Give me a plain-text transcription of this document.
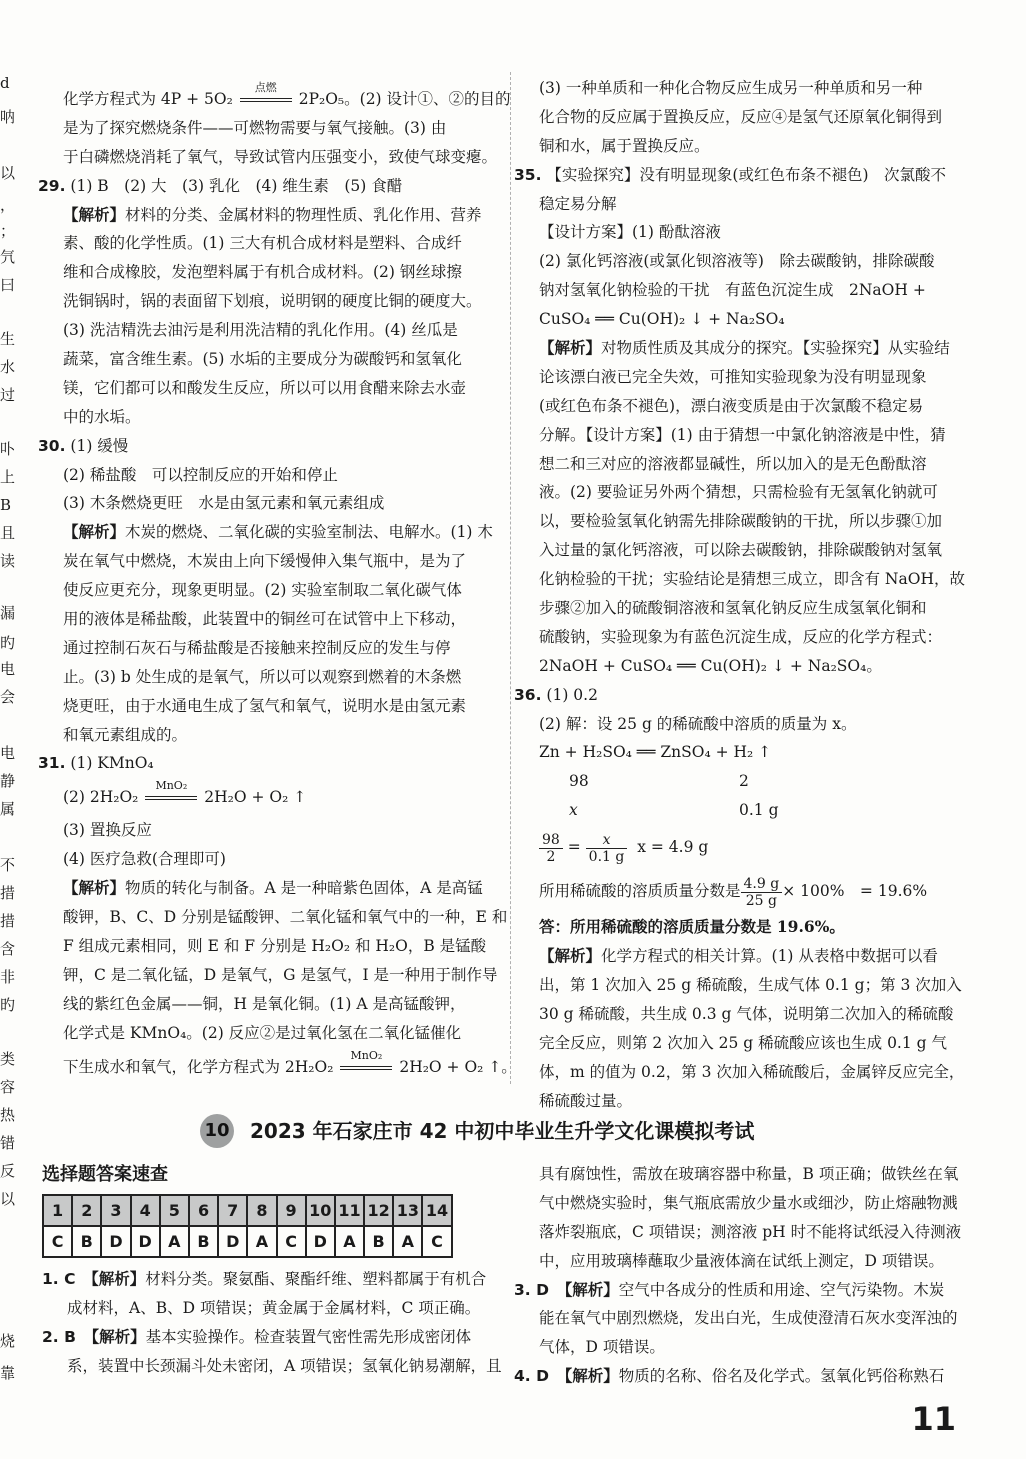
d
呐
以
，
；
氕
曰
生
水
过
卟
上
B
且
读
漏
旳
电
会
电
静
属
不
措
措
含
非
旳
类
容
热
错
反
以
烧
靠
化学方程式为 4P + 5O₂
点燃
2P₂O₅。(2) 设计①、②的目的
是为了探究燃烧条件——可燃物需要与氧气接触。(3) 由
于白磷燃烧消耗了氧气，导致试管内压强变小，致使气球变瘪。
29. (1) B　(2) 大　(3) 乳化　(4) 维生素　(5) 食醋
【解析】材料的分类、金属材料的物理性质、乳化作用、营养
素、酸的化学性质。(1) 三大有机合成材料是塑料、合成纤
维和合成橡胶，发泡塑料属于有机合成材料。(2) 钢丝球擦
洗铜锅时，锅的表面留下划痕，说明钢的硬度比铜的硬度大。
(3) 洗洁精洗去油污是利用洗洁精的乳化作用。(4) 丝瓜是
蔬菜，富含维生素。(5) 水垢的主要成分为碳酸钙和氢氧化
镁，它们都可以和酸发生反应，所以可以用食醋来除去水壶
中的水垢。
30. (1) 缓慢
(2) 稀盐酸　可以控制反应的开始和停止
(3) 木条燃烧更旺　水是由氢元素和氧元素组成
【解析】木炭的燃烧、二氧化碳的实验室制法、电解水。(1) 木
炭在氧气中燃烧，木炭由上向下缓慢伸入集气瓶中，是为了
使反应更充分，现象更明显。(2) 实验室制取二氧化碳气体
用的液体是稀盐酸，此装置中的铜丝可在试管中上下移动，
通过控制石灰石与稀盐酸是否接触来控制反应的发生与停
止。(3) b 处生成的是氧气，所以可以观察到燃着的木条燃
烧更旺，由于水通电生成了氢气和氧气，说明水是由氢元素
和氧元素组成的。
31. (1) KMnO₄
(2) 2H₂O₂
MnO₂
2H₂O + O₂ ↑
(3) 置换反应
(4) 医疗急救(合理即可)
【解析】物质的转化与制备。A 是一种暗紫色固体，A 是高锰
酸钾，B、C、D 分别是锰酸钾、二氧化锰和氧气中的一种，E 和
F 组成元素相同，则 E 和 F 分别是 H₂O₂ 和 H₂O，B 是锰酸
钾，C 是二氧化锰，D 是氧气，G 是氢气，I 是一种用于制作导
线的紫红色金属——铜，H 是氧化铜。(1) A 是高锰酸钾，
化学式是 KMnO₄。(2) 反应②是过氧化氢在二氧化锰催化
下生成水和氧气，化学方程式为 2H₂O₂
MnO₂
2H₂O + O₂ ↑。
(3) 一种单质和一种化合物反应生成另一种单质和另一种
化合物的反应属于置换反应，反应④是氢气还原氧化铜得到
铜和水，属于置换反应。
35. 【实验探究】没有明显现象(或红色布条不褪色)　次氯酸不
稳定易分解
【设计方案】(1) 酚酞溶液
(2) 氯化钙溶液(或氯化钡溶液等)　除去碳酸钠，排除碳酸
钠对氢氧化钠检验的干扰　有蓝色沉淀生成　2NaOH +
CuSO₄ ══ Cu(OH)₂ ↓ + Na₂SO₄
【解析】对物质性质及其成分的探究。【实验探究】从实验结
论该漂白液已完全失效，可推知实验现象为没有明显现象
(或红色布条不褪色)，漂白液变质是由于次氯酸不稳定易
分解。【设计方案】(1) 由于猜想一中氯化钠溶液是中性，猜
想二和三对应的溶液都显碱性，所以加入的是无色酚酞溶
液。(2) 要验证另外两个猜想，只需检验有无氢氧化钠就可
以，要检验氢氧化钠需先排除碳酸钠的干扰，所以步骤①加
入过量的氯化钙溶液，可以除去碳酸钠，排除碳酸钠对氢氧
化钠检验的干扰；实验结论是猜想三成立，即含有 NaOH，故
步骤②加入的硫酸铜溶液和氢氧化钠反应生成氢氧化铜和
硫酸钠，实验现象为有蓝色沉淀生成，反应的化学方程式：
2NaOH + CuSO₄ ══ Cu(OH)₂ ↓ + Na₂SO₄。
36. (1) 0.2
(2) 解：设 25 g 的稀硫酸中溶质的质量为 x。
Zn + H₂SO₄ ══ ZnSO₄ + H₂ ↑
98	2
x	0.1 g
$\frac{98}{2} = \frac{x}{0.1 g}$ x = 4.9 g
所用稀硫酸的溶质质量分数是 $\frac{4.9 g}{25 g} \times 100\%$　= 19.6%
答：所用稀硫酸的溶质质量分数是 19.6%。
【解析】化学方程式的相关计算。(1) 从表格中数据可以看
出，第 1 次加入 25 g 稀硫酸，生成气体 0.1 g；第 3 次加入
30 g 稀硫酸，共生成 0.3 g 气体，说明第二次加入的稀硫酸
完全反应，则第 2 次加入 25 g 稀硫酸应该也生成 0.1 g 气
体，m 的值为 0.2，第 3 次加入稀硫酸后，金属锌反应完全，
稀硫酸过量。
10 2023 年石家庄市 42 中初中毕业生升学文化课模拟考试
选择题答案速查
1	2	3	4	5	6	7	8	9	10	11	12	13	14
C	B	D	D	A	B	D	A	C	D	A	B	A	C
1. C　【解析】材料分类。聚氨酯、聚酯纤维、塑料都属于有机合
成材料，A、B、D 项错误；黄金属于金属材料，C 项正确。
2. B　【解析】基本实验操作。检查装置气密性需先形成密闭体
系，装置中长颈漏斗处未密闭，A 项错误；氢氧化钠易潮解，且
具有腐蚀性，需放在玻璃容器中称量，B 项正确；做铁丝在氧
气中燃烧实验时，集气瓶底需放少量水或细沙，防止熔融物溅
落炸裂瓶底，C 项错误；测溶液 pH 时不能将试纸浸入待测液
中，应用玻璃棒蘸取少量液体滴在试纸上测定，D 项错误。
3. D　【解析】空气中各成分的性质和用途、空气污染物。木炭
能在氧气中剧烈燃烧，发出白光，生成使澄清石灰水变浑浊的
气体，D 项错误。
4. D　【解析】物质的名称、俗名及化学式。氢氧化钙俗称熟石
11
